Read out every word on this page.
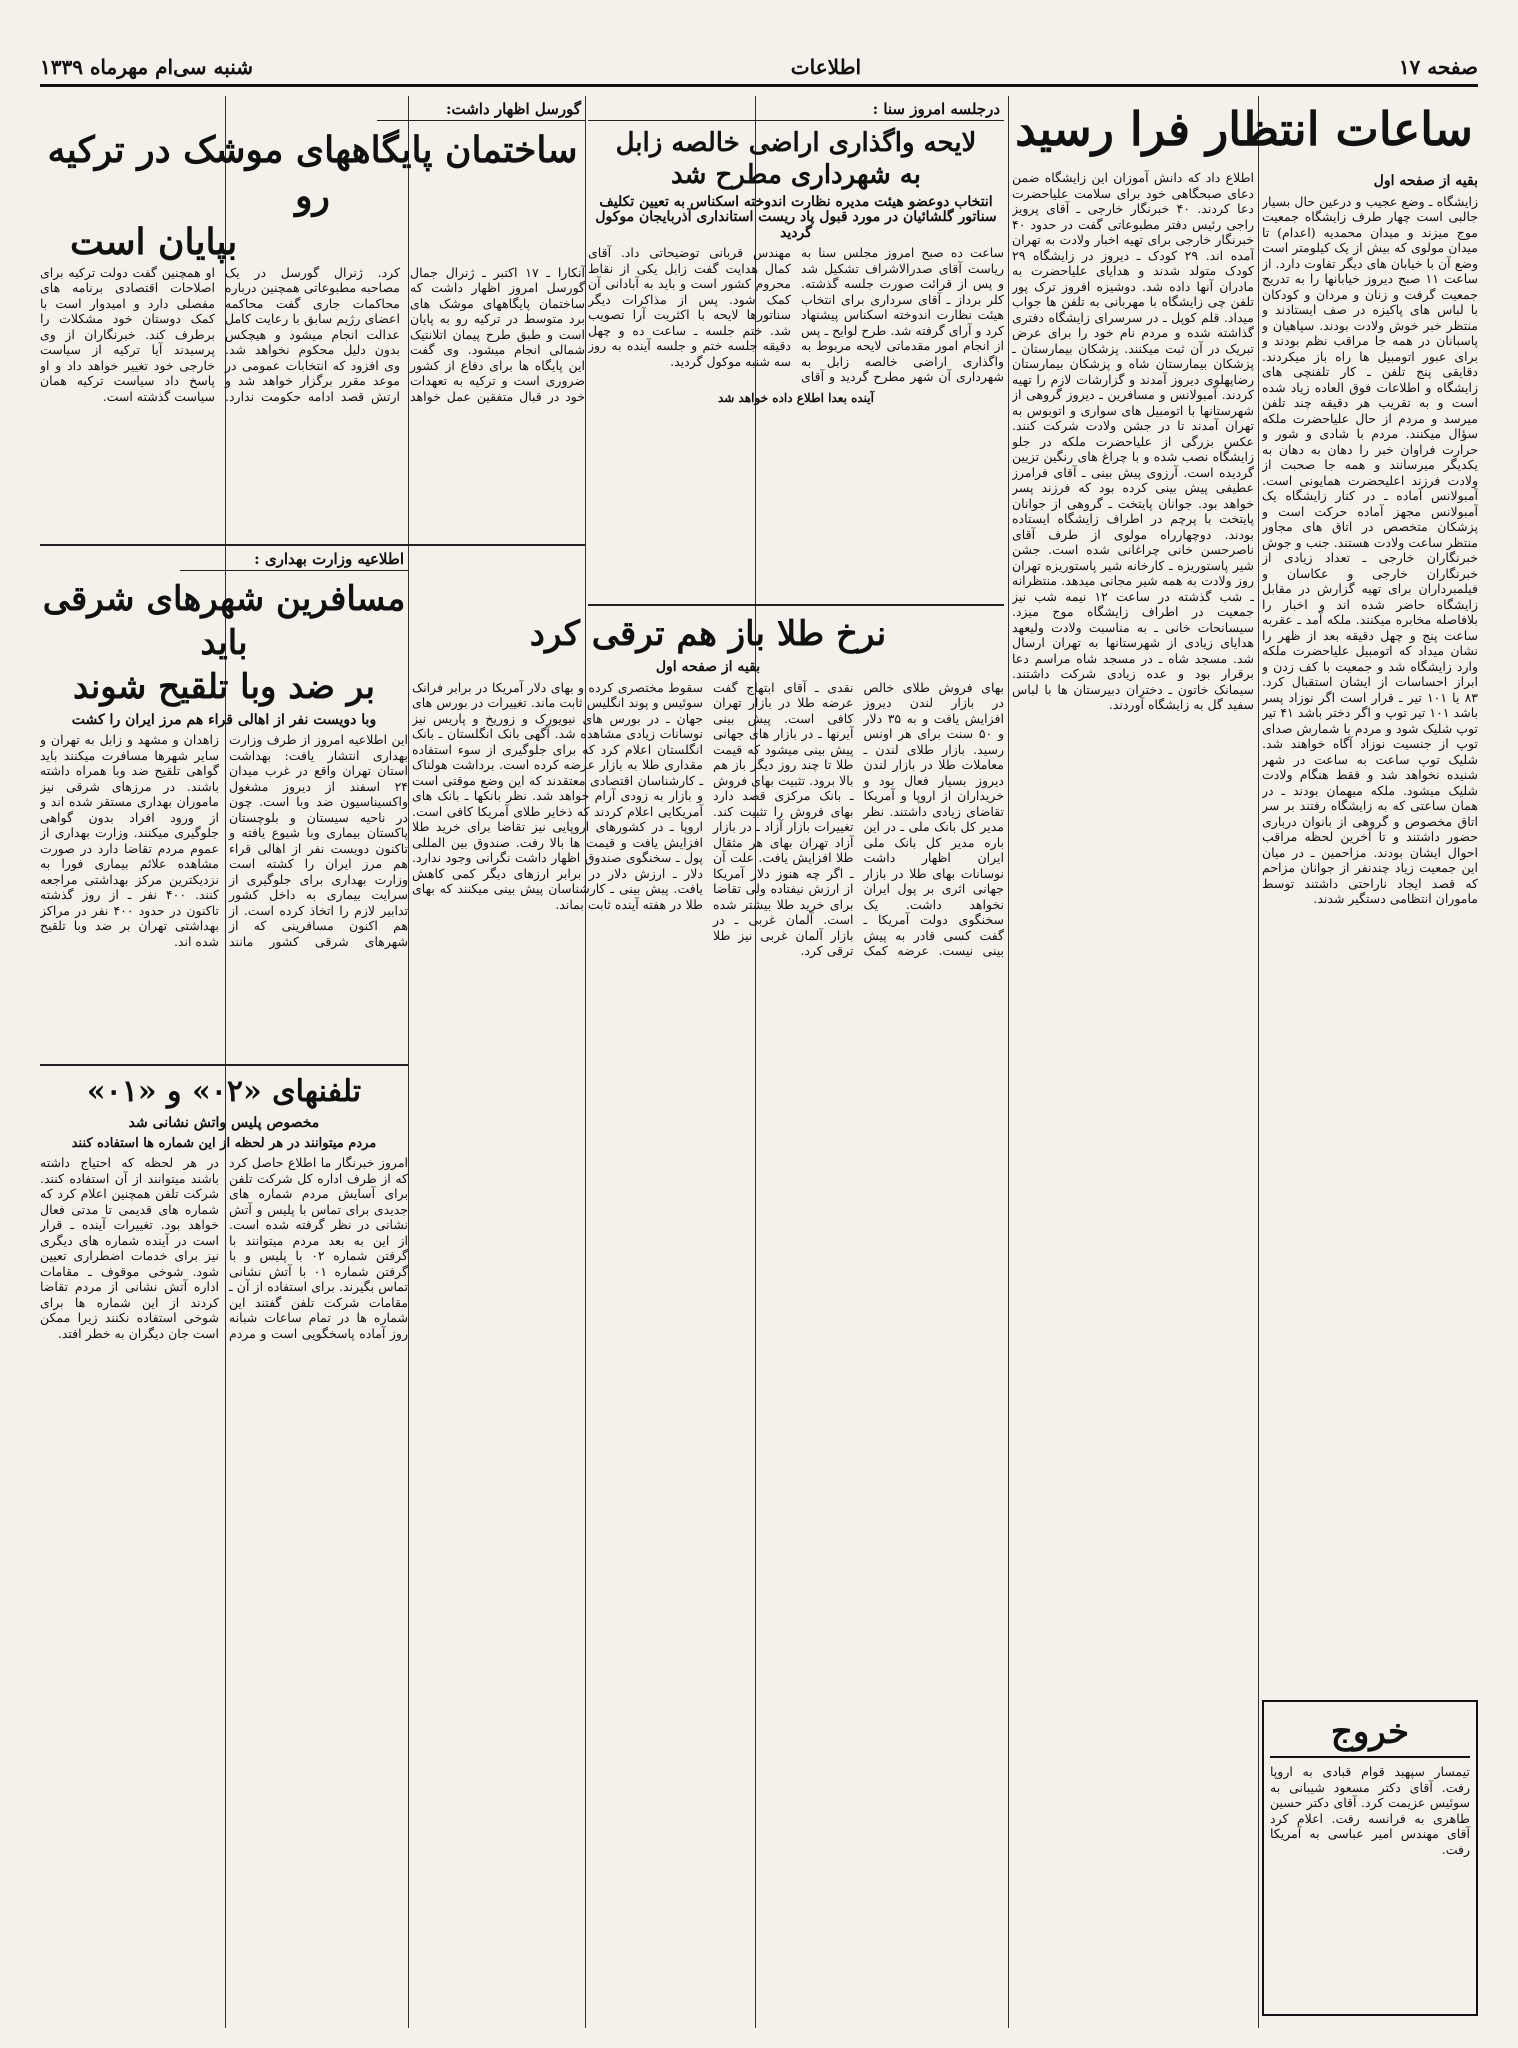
صفحه ۱۷
اطلاعات
شنبه سی‌ام مهرماه ۱۳۳۹
ساعات انتظار فرا رسید
بقیه از صفحه اول

زایشگاه ـ وضع عجیب و درعین حال بسیار جالبی است چهار طرف زایشگاه جمعیت موج میزند و میدان محمدیه (اعدام) تا میدان مولوی که بیش از یک کیلومتر است وضع آن با خیابان های دیگر تفاوت دارد. از ساعت ۱۱ صبح دیروز خیابانها را به تدریج جمعیت گرفت و زنان و مردان و کودکان با لباس های پاکیزه در صف ایستادند و منتظر خبر خوش ولادت بودند. سپاهیان و پاسبانان در همه جا مراقب نظم بودند و برای عبور اتومبیل ها راه باز میکردند. دقایقی پنج تلفن ـ کار تلفنچی های زایشگاه و اطلاعات فوق العاده زیاد شده است و به تقریب هر دقیقه چند تلفن میرسد و مردم از حال علیاحضرت ملکه سؤال میکنند. مردم با شادی و شور و حرارت فراوان خبر را دهان به دهان به یکدیگر میرسانند و همه جا صحبت از ولادت فرزند اعلیحضرت همایونی است. آمبولانس آماده ـ در کنار زایشگاه یک آمبولانس مجهز آماده حرکت است و پزشکان متخصص در اتاق های مجاور منتظر ساعت ولادت هستند. جنب و جوش خبرنگاران خارجی ـ تعداد زیادی از خبرنگاران خارجی و عکاسان و فیلمبرداران برای تهیه گزارش در مقابل زایشگاه حاضر شده اند و اخبار را بلافاصله مخابره میکنند. ملکه آمد ـ عقربه ساعت پنج و چهل دقیقه بعد از ظهر را نشان میداد که اتومبیل علیاحضرت ملکه وارد زایشگاه شد و جمعیت با کف زدن و ابراز احساسات از ایشان استقبال کرد. ۸۳ یا ۱۰۱ تیر ـ قرار است اگر نوزاد پسر باشد ۱۰۱ تیر توپ و اگر دختر باشد ۴۱ تیر توپ شلیک شود و مردم با شمارش صدای توپ از جنسیت نوزاد آگاه خواهند شد. شلیک توپ ساعت به ساعت در شهر شنیده نخواهد شد و فقط هنگام ولادت شلیک میشود. ملکه میهمان بودند ـ در همان ساعتی که به زایشگاه رفتند بر سر اتاق مخصوص و گروهی از بانوان درباری حضور داشتند و تا آخرین لحظه مراقب احوال ایشان بودند. مزاحمین ـ در میان این جمعیت زیاد چندنفر از جوانان مزاحم که قصد ایجاد ناراحتی داشتند توسط ماموران انتظامی دستگیر شدند.

خروج

تیمسار سپهبد قوام قبادی به اروپا رفت. آقای دکتر مسعود شیبانی به سوئیس عزیمت کرد. آقای دکتر حسین طاهری به فرانسه رفت. اعلام کرد آقای مهندس امیر عباسی به آمریکا رفت.

اطلاع داد که دانش آموزان این زایشگاه ضمن دعای صبحگاهی خود برای سلامت علیاحضرت دعا کردند. ۴۰ خبرنگار خارجی ـ آقای پرویز راجی رئیس دفتر مطبوعاتی گفت در حدود ۴۰ خبرنگار خارجی برای تهیه اخبار ولادت به تهران آمده اند. ۲۹ کودک ـ دیروز در زایشگاه ۲۹ کودک متولد شدند و هدایای علیاحضرت به مادران آنها داده شد. دوشیزه افروز ترک پور تلفن چی زایشگاه با مهربانی به تلفن ها جواب میداد. قلم کوپل ـ در سرسرای زایشگاه دفتری گذاشته شده و مردم نام خود را برای عرض تبریک در آن ثبت میکنند. پزشکان بیمارستان ـ پزشکان بیمارستان شاه و پزشکان بیمارستان رضاپهلوی دیروز آمدند و گزارشات لازم را تهیه کردند. آمبولانس و مسافرین ـ دیروز گروهی از شهرستانها با اتومبیل های سواری و اتوبوس به تهران آمدند تا در جشن ولادت شرکت کنند. عکس بزرگی از علیاحضرت ملکه در جلو زایشگاه نصب شده و با چراغ های رنگین تزیین گردیده است. آرزوی پیش بینی ـ آقای فرامرز عطیفی پیش بینی کرده بود که فرزند پسر خواهد بود. جوانان پایتخت ـ گروهی از جوانان پایتخت با پرچم در اطراف زایشگاه ایستاده بودند. دوچهارراه مولوی از طرف آقای ناصرحسن خانی چراغانی شده است. جشن شیر پاستوریزه ـ کارخانه شیر پاستوریزه تهران روز ولادت به همه شیر مجانی میدهد. منتظرانه ـ شب گذشته در ساعت ۱۲ نیمه شب نیز جمعیت در اطراف زایشگاه موج میزد. سیسانحات خانی ـ به مناسبت ولادت ولیعهد هدایای زیادی از شهرستانها به تهران ارسال شد. مسجد شاه ـ در مسجد شاه مراسم دعا برقرار بود و عده زیادی شرکت داشتند. سیمانک خاتون ـ دختران دبیرستان ها با لباس سفید گل به زایشگاه آوردند.

درجلسه امروز سنا :
لایحه واگذاری اراضی خالصه زابل
به شهرداری مطرح شد
انتخاب دوعضو هیئت مدیره نظارت اندوخته اسکناس به تعیین تکلیف سناتور گلشائیان در مورد قبول پاد ریست استانداری آذربایجان موکول گردید

ساعت ده صبح امروز مجلس سنا به ریاست آقای صدرالاشراف تشکیل شد و پس از قرائت صورت جلسه گذشته. کلر برداز ـ آقای سرداری برای انتخاب هیئت نظارت اندوخته اسکناس پیشنهاد کرد و آرای گرفته شد. طرح لوایح ـ پس از انجام امور مقدماتی لایحه مربوط به واگذاری اراضی خالصه زابل به شهرداری آن شهر مطرح گردید و آقای مهندس قربانی توضیحاتی داد. آقای کمال هدایت گفت زابل یکی از نقاط محروم کشور است و باید به آبادانی آن کمک شود. پس از مذاکرات دیگر سناتورها لایحه با اکثریت آرا تصویب شد. ختم جلسه ـ ساعت ده و چهل دقیقه جلسه ختم و جلسه آینده به روز سه شنبه موکول گردید.

آینده بعدا اطلاع داده خواهد شد
گورسل اظهار داشت:
ساختمان پایگاههای موشک در ترکیه رو
بپایان است

آنکارا ـ ۱۷ اکتبر ـ ژنرال جمال گورسل امروز اظهار داشت که ساختمان پایگاههای موشک های برد متوسط در ترکیه رو به پایان است و طبق طرح پیمان اتلانتیک شمالی انجام میشود. وی گفت این پایگاه ها برای دفاع از کشور ضروری است و ترکیه به تعهدات خود در قبال متفقین عمل خواهد کرد. ژنرال گورسل در یک مصاحبه مطبوعاتی همچنین درباره محاکمات جاری گفت محاکمه اعضای رژیم سابق با رعایت کامل عدالت انجام میشود و هیچکس بدون دلیل محکوم نخواهد شد. وی افزود که انتخابات عمومی در موعد مقرر برگزار خواهد شد و ارتش قصد ادامه حکومت ندارد. او همچنین گفت دولت ترکیه برای اصلاحات اقتصادی برنامه های مفصلی دارد و امیدوار است با کمک دوستان خود مشکلات را برطرف کند. خبرنگاران از وی پرسیدند آیا ترکیه از سیاست خارجی خود تغییر خواهد داد و او پاسخ داد سیاست ترکیه همان سیاست گذشته است.

اطلاعیه وزارت بهداری :
مسافرین شهرهای شرقی باید
بر ضد وبا تلقیح شوند
وبا دویست نفر از اهالی قراء هم مرز ایران را کشت

این اطلاعیه امروز از طرف وزارت بهداری انتشار یافت: بهداشت استان تهران واقع در غرب میدان ۲۴ اسفند از دیروز مشغول واکسیناسیون ضد وبا است. چون در ناحیه سیستان و بلوچستان پاکستان بیماری وبا شیوع یافته و تاکنون دویست نفر از اهالی قراء هم مرز ایران را کشته است وزارت بهداری برای جلوگیری از سرایت بیماری به داخل کشور تدابیر لازم را اتخاذ کرده است. از هم اکنون مسافرینی که از شهرهای شرقی کشور مانند زاهدان و مشهد و زابل به تهران و سایر شهرها مسافرت میکنند باید گواهی تلقیح ضد وبا همراه داشته باشند. در مرزهای شرقی نیز ماموران بهداری مستقر شده اند و از ورود افراد بدون گواهی جلوگیری میکنند. وزارت بهداری از عموم مردم تقاضا دارد در صورت مشاهده علائم بیماری فورا به نزدیکترین مرکز بهداشتی مراجعه کنند. ۴۰۰ نفر ـ از روز گذشته تاکنون در حدود ۴۰۰ نفر در مراکز بهداشتی تهران بر ضد وبا تلقیح شده اند.

تلفنهای «۰۲» و «۰۱»
مخصوص پلیس واتش نشانی شد
مردم میتوانند در هر لحظه از این شماره ها استفاده کنند

امروز خبرنگار ما اطلاع حاصل کرد که از طرف اداره کل شرکت تلفن برای آسایش مردم شماره های جدیدی برای تماس با پلیس و آتش نشانی در نظر گرفته شده است. از این به بعد مردم میتوانند با گرفتن شماره ۰۲ با پلیس و با گرفتن شماره ۰۱ با آتش نشانی تماس بگیرند. برای استفاده از آن ـ مقامات شرکت تلفن گفتند این شماره ها در تمام ساعات شبانه روز آماده پاسخگویی است و مردم در هر لحظه که احتیاج داشته باشند میتوانند از آن استفاده کنند. شرکت تلفن همچنین اعلام کرد که شماره های قدیمی تا مدتی فعال خواهد بود. تغییرات آینده ـ قرار است در آینده شماره های دیگری نیز برای خدمات اضطراری تعیین شود. شوخی موقوف ـ مقامات اداره آتش نشانی از مردم تقاضا کردند از این شماره ها برای شوخی استفاده نکنند زیرا ممکن است جان دیگران به خطر افتد.

نرخ طلا باز هم ترقی کرد
بقیه از صفحه اول

بهای فروش طلای خالص در بازار لندن دیروز افزایش یافت و به ۳۵ دلار و ۵۰ سنت برای هر اونس رسید. بازار طلای لندن ـ معاملات طلا در بازار لندن دیروز بسیار فعال بود و خریداران از اروپا و آمریکا تقاضای زیادی داشتند. نظر مدیر کل بانک ملی ـ در این باره مدیر کل بانک ملی ایران اظهار داشت نوسانات بهای طلا در بازار جهانی اثری بر پول ایران نخواهد داشت. یک سخنگوی دولت آمریکا ـ گفت کسی قادر به پیش بینی نیست. عرضه کمک نقدی ـ آقای ابتهاج گفت عرضه طلا در بازار تهران کافی است. پیش بینی آیرنها ـ در بازار های جهانی پیش بینی میشود که قیمت طلا تا چند روز دیگر باز هم بالا برود. تثبیت بهای فروش ـ بانک مرکزی قصد دارد بهای فروش را تثبیت کند. تغییرات بازار آزاد ـ در بازار آزاد تهران بهای هر مثقال طلا افزایش یافت. علت آن ـ اگر چه هنوز دلار آمریکا از ارزش نیفتاده ولی تقاضا برای خرید طلا بیشتر شده است. آلمان غربی ـ در بازار آلمان غربی نیز طلا ترقی کرد.

سقوط مختصری کرده و بهای دلار آمریکا در برابر فرانک سوئیس و پوند انگلیس ثابت ماند. تغییرات در بورس های جهان ـ در بورس های نیویورک و زوریخ و پاریس نیز نوسانات زیادی مشاهده شد. آگهی بانک انگلستان ـ بانک انگلستان اعلام کرد که برای جلوگیری از سوء استفاده مقداری طلا به بازار عرضه کرده است. برداشت هولناک ـ کارشناسان اقتصادی معتقدند که این وضع موقتی است و بازار به زودی آرام خواهد شد. نظر بانکها ـ بانک های آمریکایی اعلام کردند که ذخایر طلای آمریکا کافی است. اروپا ـ در کشورهای اروپایی نیز تقاضا برای خرید طلا افزایش یافت و قیمت ها بالا رفت. صندوق بین المللی پول ـ سخنگوی صندوق اظهار داشت نگرانی وجود ندارد. دلار ـ ارزش دلار در برابر ارزهای دیگر کمی کاهش یافت. پیش بینی ـ کارشناسان پیش بینی میکنند که بهای طلا در هفته آینده ثابت بماند.
